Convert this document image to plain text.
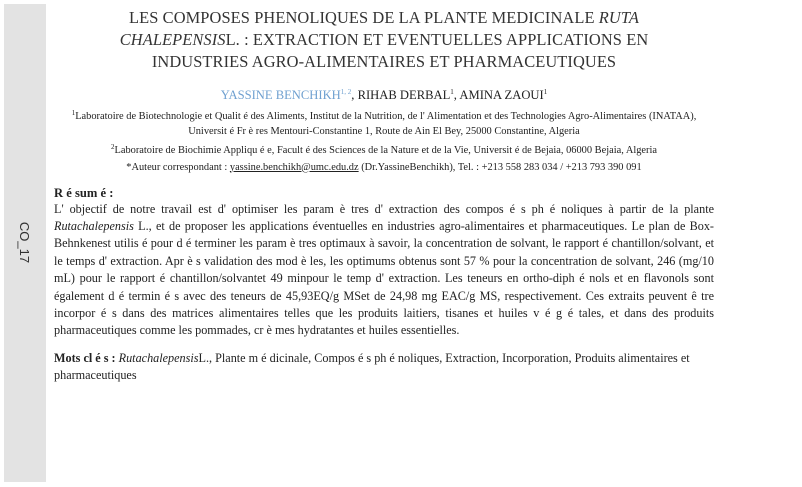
CO_17
LES COMPOSES PHENOLIQUES DE LA PLANTE MEDICINALE RUTA
CHALEPENSISL. : EXTRACTION ET EVENTUELLES APPLICATIONS EN
INDUSTRIES AGRO-ALIMENTAIRES ET PHARMACEUTIQUES
YASSINE BENCHIKH$^{1, 2}$, RIHAB DERBAL$^1$, AMINA ZAOUI$^1$
$^1$Laboratoire de Biotechnologie et Qualit é des Aliments, Institut de la Nutrition, de l' Alimentation et des Technologies Agro-Alimentaires (INATAA), Universit é Fr è res Mentouri-Constantine 1, Route de Ain El Bey, 25000 Constantine, Algeria
$^2$Laboratoire de Biochimie Appliqu é e, Facult é des Sciences de la Nature et de la Vie, Universit é de Bejaia, 06000 Bejaia, Algeria
*Auteur correspondant : yassine.benchikh@umc.edu.dz (Dr.YassineBenchikh), Tel. : +213 558 283 034 / +213 793 390 091
R é sum é :
L' objectif de notre travail est d' optimiser les param è tres d' extraction des compos é s ph é noliques à partir de la plante Rutachalepensis L., et de proposer les applications éventuelles en industries agro-alimentaires et pharmaceutiques. Le plan de Box-Behnkenest utilis é pour d é terminer les param è tres optimaux à savoir, la concentration de solvant, le rapport é chantillon/solvant, et le temps d' extraction. Apr è s validation des mod è les, les optimums obtenus sont 57 % pour la concentration de solvant, 246 (mg/10 mL) pour le rapport é chantillon/solvantet 49 minpour le temp d' extraction. Les teneurs en ortho-diph é nols et en flavonols sont également d é termin é s avec des teneurs de 45,93EQ/g MSet de 24,98 mg EAC/g MS, respectivement. Ces extraits peuvent ê tre incorpor é s dans des matrices alimentaires telles que les produits laitiers, tisanes et huiles v é g é tales, et dans des produits pharmaceutiques comme les pommades, cr è mes hydratantes et huiles essentielles.
Mots cl é s : RutachalepensisL., Plante m é dicinale, Compos é s ph é noliques, Extraction, Incorporation, Produits alimentaires et pharmaceutiques
